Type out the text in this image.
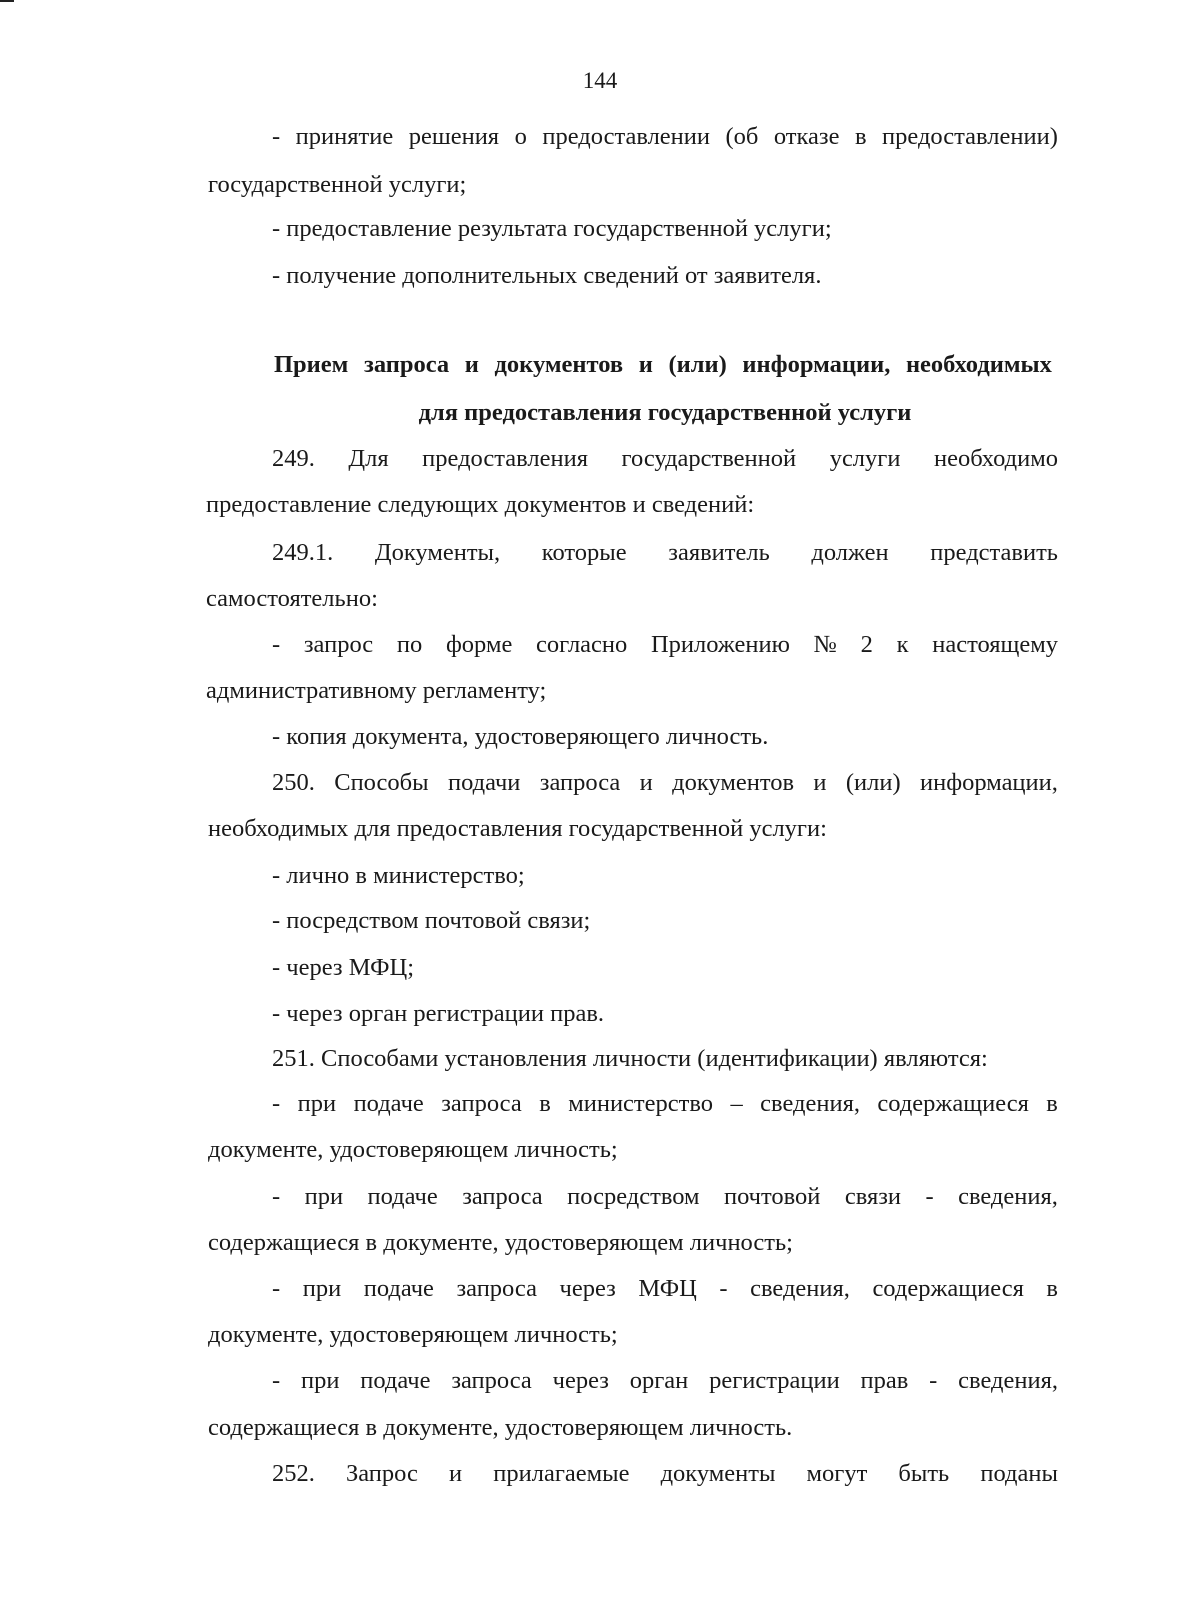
144
- принятие решения о предоставлении (об отказе в предоставлении)
государственной услуги;
- предоставление результата государственной услуги;
- получение дополнительных сведений от заявителя.
Прием запроса и документов и (или) информации, необходимых
для предоставления государственной услуги
249. Для предоставления государственной услуги необходимо
предоставление следующих документов и сведений:
249.1. Документы, которые заявитель должен представить
самостоятельно:
- запрос по форме согласно Приложению № 2 к настоящему
административному регламенту;
- копия документа, удостоверяющего личность.
250. Способы подачи запроса и документов и (или) информации,
необходимых для предоставления государственной услуги:
- лично в министерство;
- посредством почтовой связи;
- через МФЦ;
- через орган регистрации прав.
251. Способами установления личности (идентификации) являются:
- при подаче запроса в министерство – сведения, содержащиеся в
документе, удостоверяющем личность;
- при подаче запроса посредством почтовой связи - сведения,
содержащиеся в документе, удостоверяющем личность;
- при подаче запроса через МФЦ - сведения, содержащиеся в
документе, удостоверяющем личность;
- при подаче запроса через орган регистрации прав - сведения,
содержащиеся в документе, удостоверяющем личность.
252. Запрос и прилагаемые документы могут быть поданы
